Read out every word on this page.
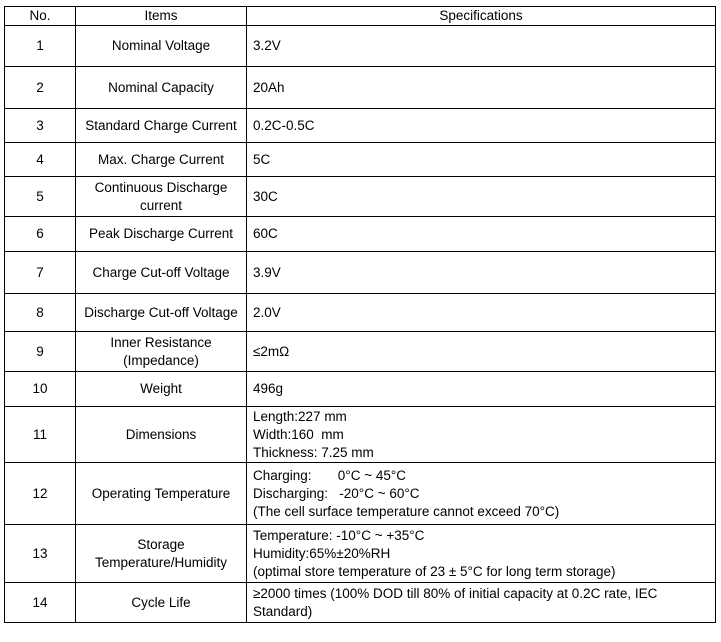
No.	Items	Specifications
1	Nominal Voltage	3.2V

2	Nominal Capacity	20Ah

3	Standard Charge Current	0.2C-0.5C

4	Max. Charge Current	5C

5	Continuous Discharge
current	30C

6	Peak Discharge Current	60C

7	Charge Cut-off Voltage	3.9V

8	Discharge Cut-off Voltage	2.0V

9	Inner Resistance
(Impedance)	≤2mΩ

10	Weight	496g

11	Dimensions	Length:227 mm
Width:160  mm
Thickness: 7.25 mm

12	Operating Temperature	Charging:       0°C ~ 45°C
Discharging:   -20°C ~ 60°C
(The cell surface temperature cannot exceed 70°C)

13	Storage
Temperature/Humidity	Temperature: -10°C ~ +35°C
Humidity:65%±20%RH
(optimal store temperature of 23 ± 5°C for long term storage)

14	Cycle Life	≥2000 times (100% DOD till 80% of initial capacity at 0.2C rate, IEC
Standard)
